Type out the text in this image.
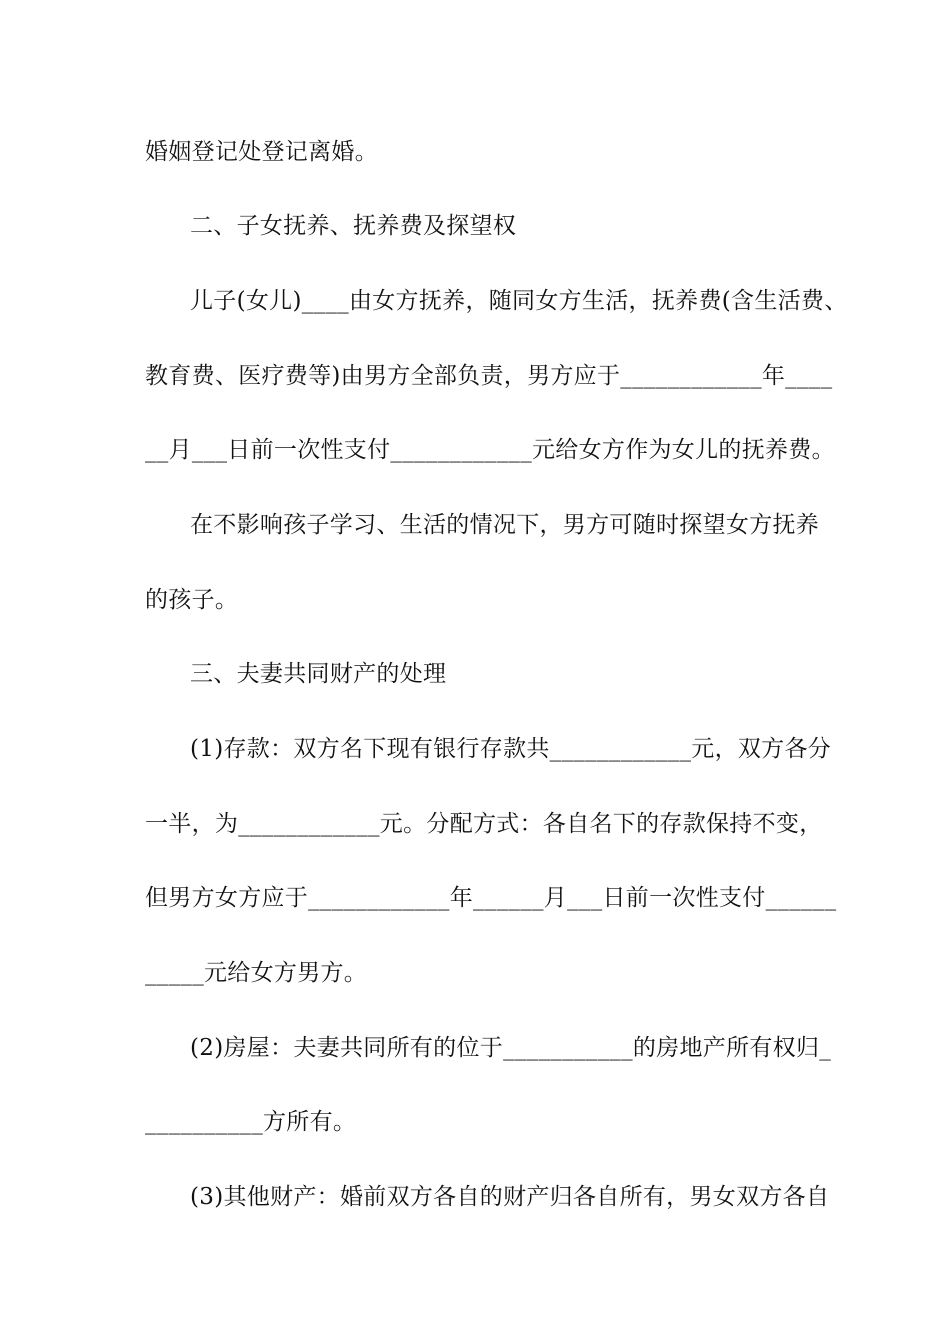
婚姻登记处登记离婚。
二、子女抚养、抚养费及探望权
儿子(女儿)____由女方抚养，随同女方生活，抚养费(含生活费、
教育费、医疗费等)由男方全部负责，男方应于____________年____
__月___日前一次性支付____________元给女方作为女儿的抚养费。
在不影响孩子学习、生活的情况下，男方可随时探望女方抚养
的孩子。
三、夫妻共同财产的处理
(1)存款：双方名下现有银行存款共____________元，双方各分
一半，为____________元。分配方式：各自名下的存款保持不变，
但男方女方应于____________年______月___日前一次性支付______
_____元给女方男方。
(2)房屋：夫妻共同所有的位于___________的房地产所有权归_
__________方所有。
(3)其他财产：婚前双方各自的财产归各自所有，男女双方各自
